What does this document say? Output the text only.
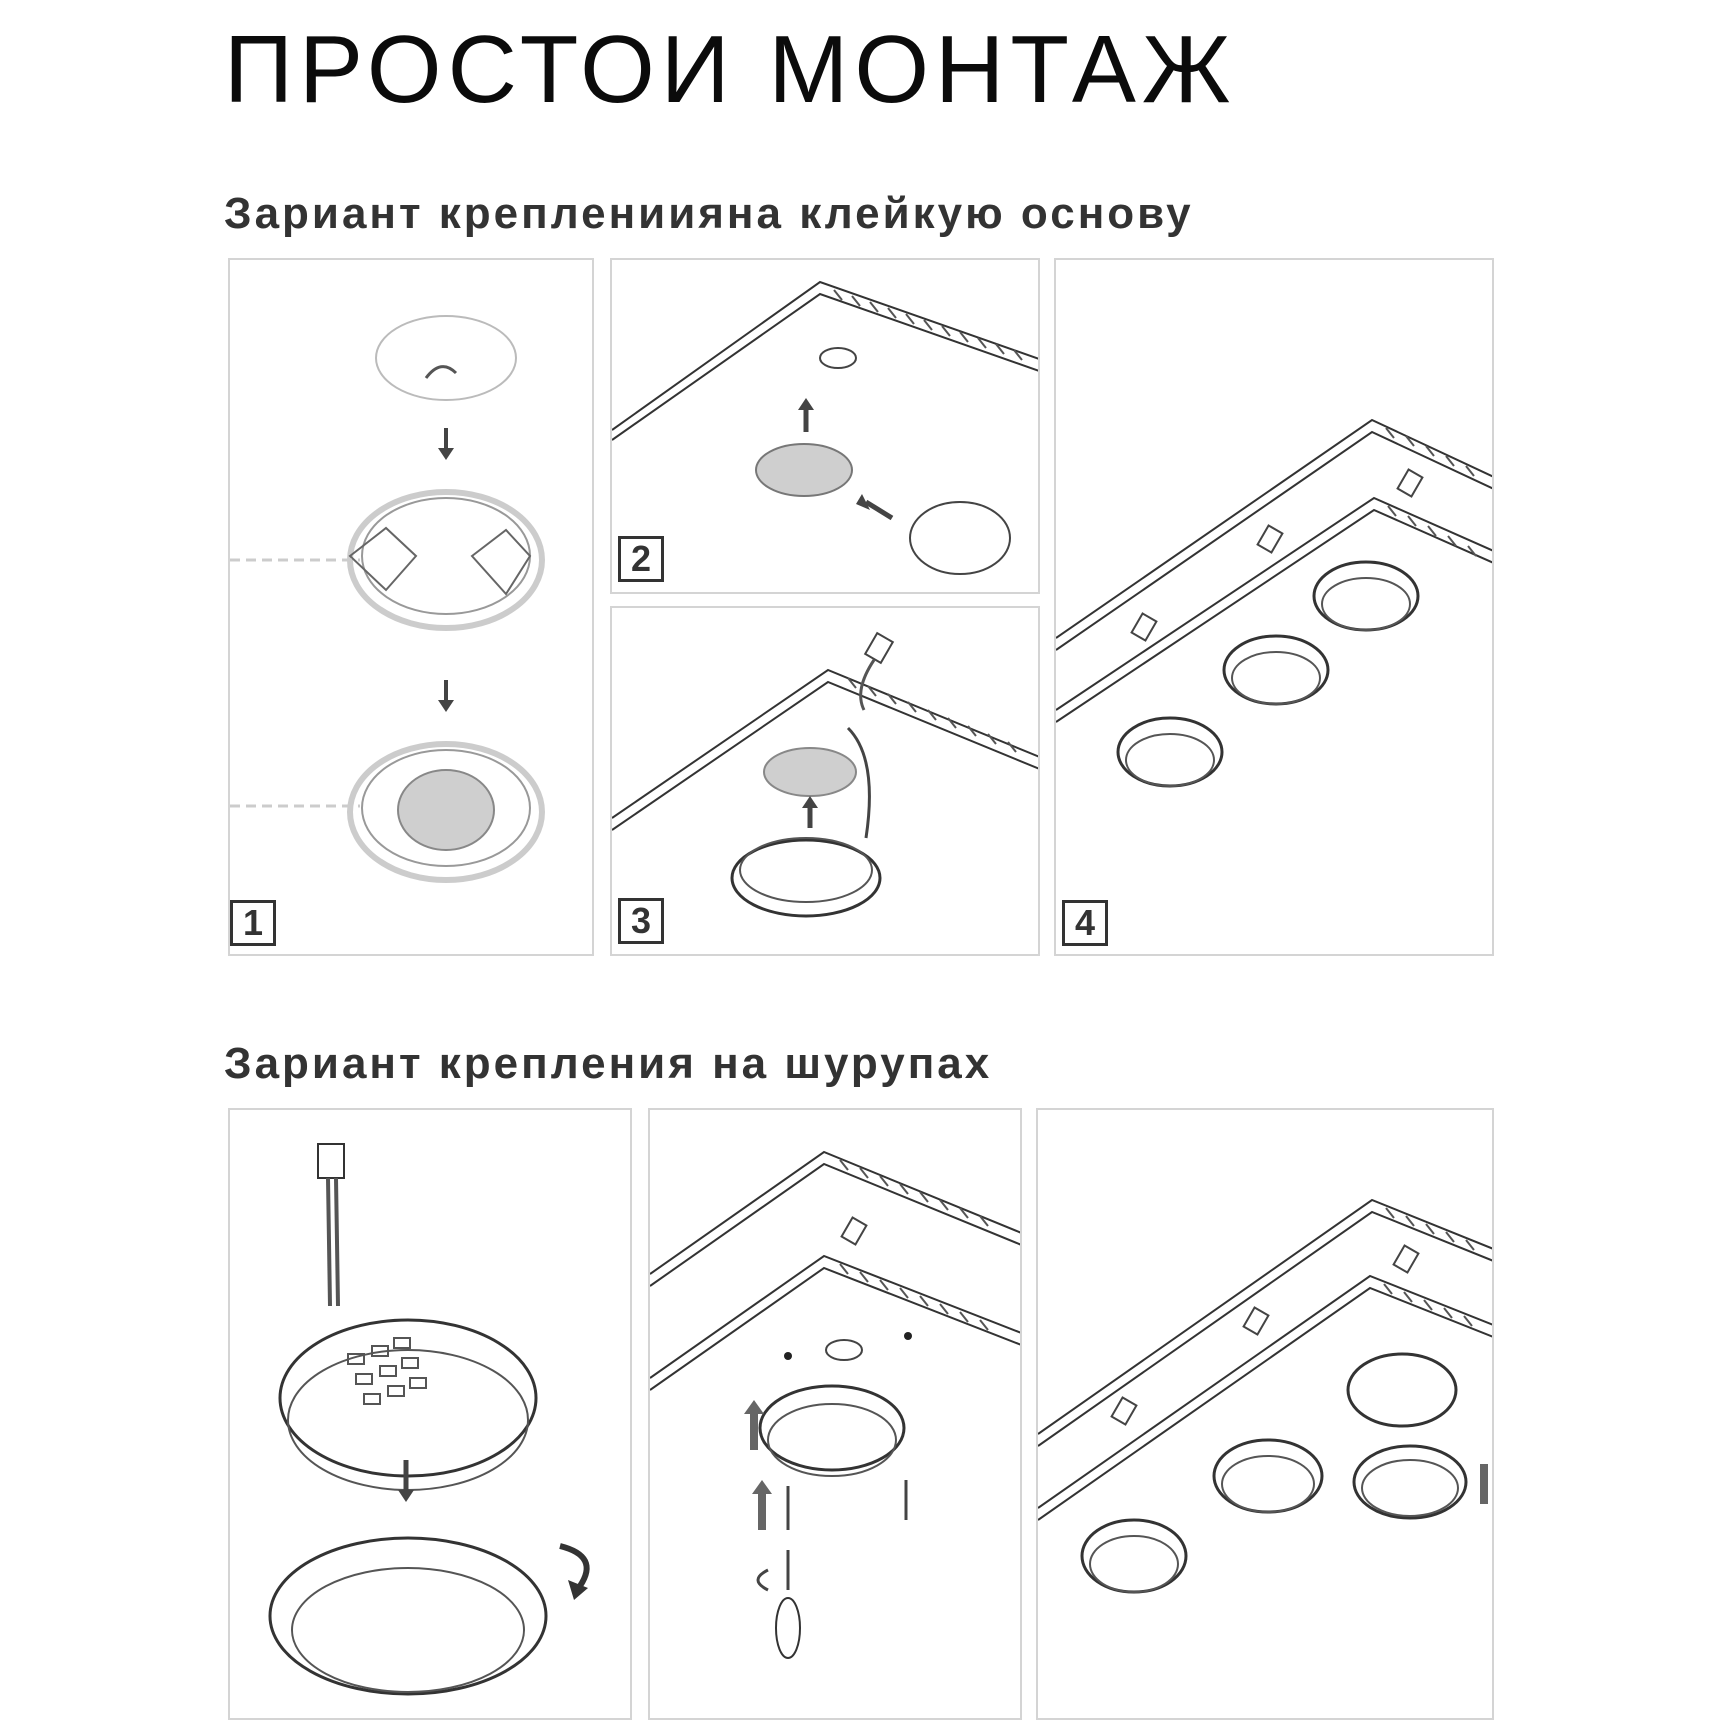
ПРОСТОИ МОНТАЖ
Зариант креплениияна клейкую основу
1
2
3	4
Зариант крепления на шурупах
